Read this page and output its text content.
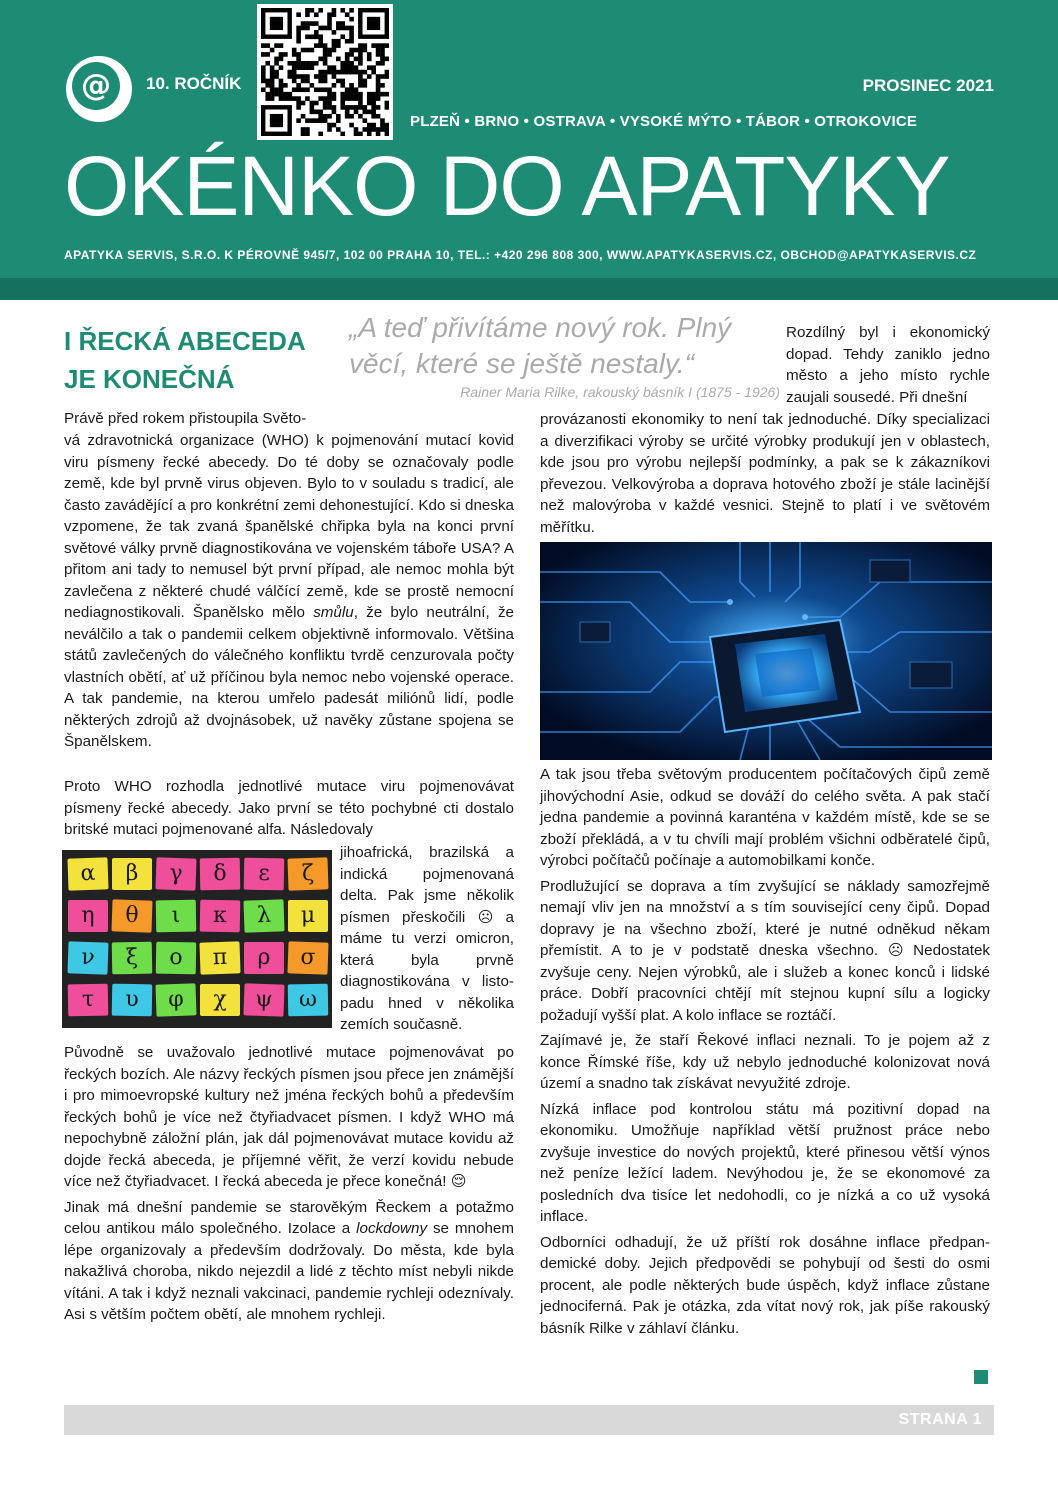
@	10. ROČNÍK	PROSINEC 2021
PLZEŇ • BRNO • OSTRAVA • VYSOKÉ MÝTO • TÁBOR • OTROKOVICE
OKÉNKO DO APATYKY
APATYKA SERVIS, S.R.O. K PÉROVNĚ 945/7, 102 00 PRAHA 10, TEL.: +420 296 808 300, WWW.APATYKASERVIS.CZ, OBCHOD@APATYKASERVIS.CZ
I ŘECKÁ ABECEDA JE KONEČNÁ
„A teď přivítáme nový rok. Plný věcí, které se ještě nestaly.“
Rainer Maria Rilke, rakouský básník I (1875 - 1926)

Právě před rokem přistoupila Světo-

vá zdravotnická organizace (WHO) k pojmenování mutací kovid viru písmeny řecké abecedy. Do té doby se označovaly podle země, kde byl prvně virus objeven. Bylo to v souladu s tradicí, ale často zavádějící a pro konkrétní zemi dehonestující. Kdo si dneska vzpomene, že tak zvaná španělské chřipka byla na konci první světové války prvně diagnostikována ve vojenském táboře USA? A přitom ani tady to nemusel být první případ, ale nemoc mohla být zavlečena z některé chudé válčící země, kde se prostě nemocní nediagnostikovali. Španělsko mělo smůlu, že bylo neutrální, že neválčilo a tak o pandemii celkem objektivně informovalo. Většina států zavlečených do válečného konfliktu tvrdě cenzurovala počty vlastních obětí, ať už příčinou byla nemoc nebo vojenské operace. A tak pandemie, na kterou umřelo padesát miliónů lidí, podle některých zdrojů až dvojnásobek, už navěky zůstane spojena se Španělskem.

Proto WHO rozhodla jednotlivé mutace viru pojmenovávat písmeny řecké abecedy. Jako první se této pochybné cti dostalo britské mutaci pojmenované alfa. Následovaly

α	β	γ	δ	ε	ζ
η	θ	ι	κ	λ	μ
ν	ξ	ο	π	ρ	σ
τ	υ	φ	χ	ψ	ω

jihoafrická, brazilská a indická pojmenovaná delta. Pak jsme několik písmen přeskočili ☹ a máme tu verzi omicron, která byla prvně diagnostikována v listo-padu hned v několika zemích současně.

Původně se uvažovalo jednotlivé mutace pojmenovávat po řeckých bozích. Ale názvy řeckých písmen jsou přece jen známější i pro mimoevropské kultury než jména řeckých bohů a především řeckých bohů je více než čtyřiadvacet písmen. I když WHO má nepochybně záložní plán, jak dál pojmenovávat mutace kovidu až dojde řecká abeceda, je příjemné věřit, že verzí kovidu nebude více než čtyřiadvacet. I řecká abeceda je přece konečná! 😌

Jinak má dnešní pandemie se starověkým Řeckem a potažmo celou antikou málo společného. Izolace a lockdowny se mnohem lépe organizovaly a především dodržovaly. Do města, kde byla nakažlivá choroba, nikdo nejezdil a lidé z těchto míst nebyli nikde vítáni. A tak i když neznali vakcinaci, pandemie rychleji odeznívaly. Asi s větším počtem obětí, ale mnohem rychleji.

Rozdílný byl i ekonomický dopad. Tehdy zaniklo jedno město a jeho místo rychle zaujali sousedé. Při dnešní

provázanosti ekonomiky to není tak jednoduché. Díky specializaci a diverzifikaci výroby se určité výrobky produkují jen v oblastech, kde jsou pro výrobu nejlepší podmínky, a pak se k zákazníkovi převezou. Velkovýroba a doprava hotového zboží je stále lacinější než malovýroba v každé vesnici. Stejně to platí i ve světovém měřítku.

A tak jsou třeba světovým producentem počítačových čipů země jihovýchodní Asie, odkud se dováží do celého světa. A pak stačí jedna pandemie a povinná karanténa v každém místě, kde se se zboží překládá, a v tu chvíli mají problém všichni odběratelé čipů, výrobci počítačů počínaje a automobilkami konče.

Prodlužující se doprava a tím zvyšující se náklady samozřejmě nemají vliv jen na množství a s tím související ceny čipů. Dopad dopravy je na všechno zboží, které je nutné odněkud někam přemístit. A to je v podstatě dneska všechno. ☹ Nedostatek zvyšuje ceny. Nejen výrobků, ale i služeb a konec konců i lidské práce. Dobří pracovníci chtějí mít stejnou kupní sílu a logicky požadují vyšší plat. A kolo inflace se roztáčí.

Zajímavé je, že staří Řekové inflaci neznali. To je pojem až z konce Římské říše, kdy už nebylo jednoduché kolonizovat nová území a snadno tak získávat nevyužité zdroje.

Nízká inflace pod kontrolou státu má pozitivní dopad na ekonomiku. Umožňuje například větší pružnost práce nebo zvyšuje investice do nových projektů, které přinesou větší výnos než peníze ležící ladem. Nevýhodou je, že se ekonomové za posledních dva tisíce let nedohodli, co je nízká a co už vysoká inflace.

Odborníci odhadují, že už příští rok dosáhne inflace předpan-demické doby. Jejich předpovědi se pohybují od šesti do osmi procent, ale podle některých bude úspěch, když inflace zůstane jednociferná. Pak je otázka, zda vítat nový rok, jak píše rakouský básník Rilke v záhlaví článku.

STRANA 1
